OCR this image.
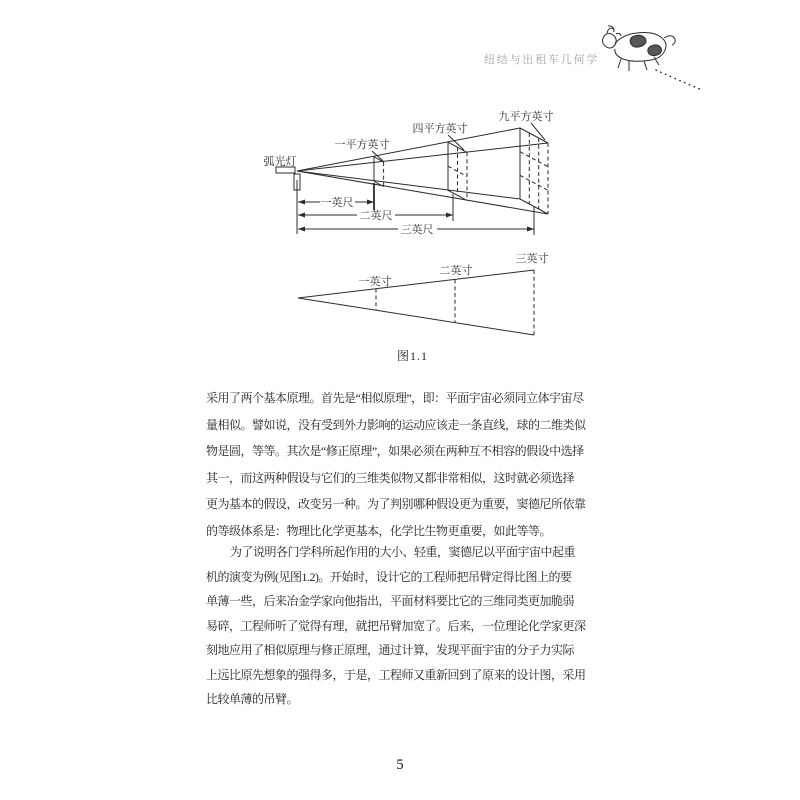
纽结与出租车几何学
弧光灯
一平方英寸
四平方英寸
九平方英寸
一英尺
二英尺
三英尺
一英寸
二英寸
三英寸
图1.1
采用了两个基本原理。首先是“相似原理”，即：平面宇宙必须同立体宇宙尽
量相似。譬如说，没有受到外力影响的运动应该走一条直线，球的二维类似
物是圆，等等。其次是“修正原理”，如果必须在两种互不相容的假设中选择
其一，而这两种假设与它们的三维类似物又都非常相似，这时就必须选择
更为基本的假设，改变另一种。为了判别哪种假设更为重要，窦德尼所依靠
的等级体系是：物理比化学更基本，化学比生物更重要，如此等等。
为了说明各门学科所起作用的大小、轻重，窦德尼以平面宇宙中起重
机的演变为例(见图1.2)。开始时，设计它的工程师把吊臂定得比图上的要
单薄一些，后来冶金学家向他指出，平面材料要比它的三维同类更加脆弱
易碎，工程师听了觉得有理，就把吊臂加宽了。后来，一位理论化学家更深
刻地应用了相似原理与修正原理，通过计算，发现平面宇宙的分子力实际
上远比原先想象的强得多，于是，工程师又重新回到了原来的设计图，采用
比较单薄的吊臂。
5
